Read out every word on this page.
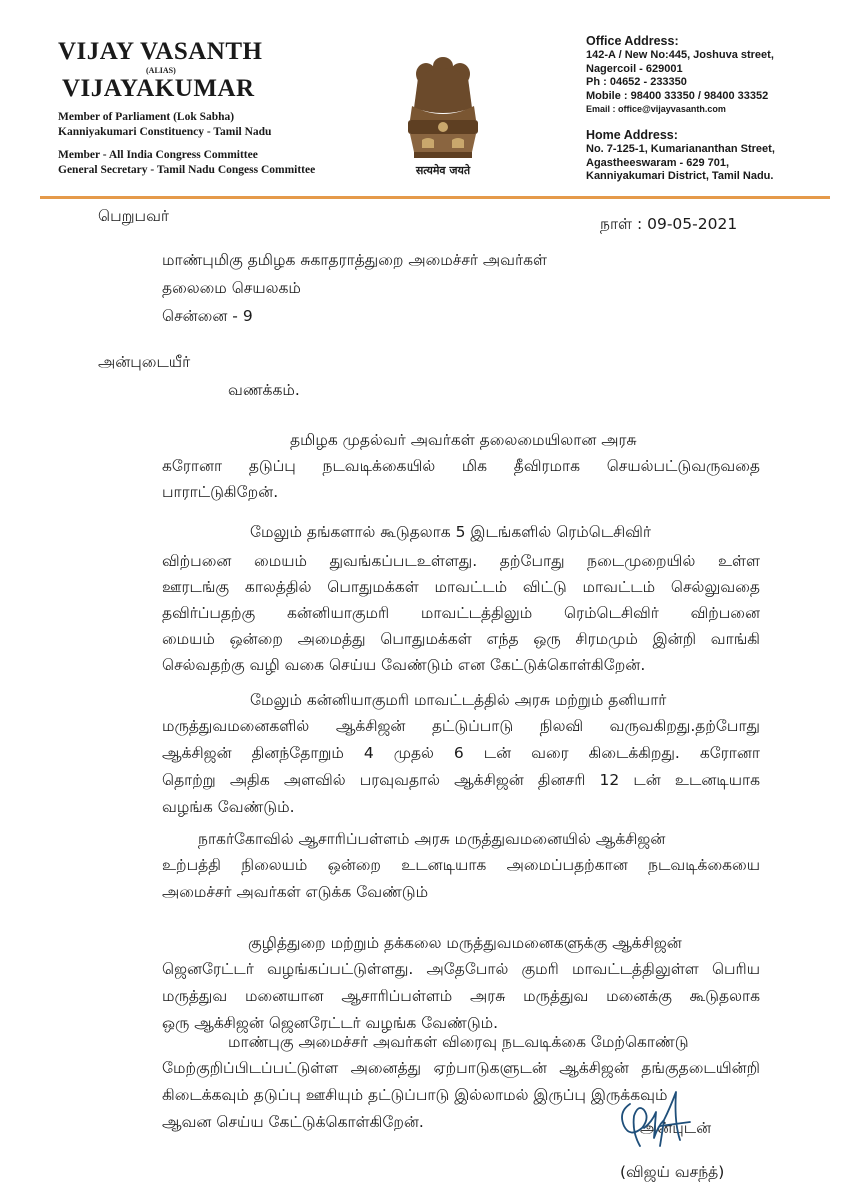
VIJAY VASANTH
(ALIAS)
VIJAYAKUMAR
Member of Parliament (Lok Sabha)
Kanniyakumari Constituency - Tamil Nadu
Member - All India Congress Committee
General Secretary - Tamil Nadu Congess Committee	सत्यमेव जयते
Office Address:
142-A / New No:445, Joshuva street,
Nagercoil - 629001
Ph : 04652 - 233350
Mobile : 98400 33350 / 98400 33352
Email : office@vijayvasanth.com
Home Address:
No. 7-125-1, Kumariananthan Street,
Agastheeswaram - 629 701,
Kanniyakumari District, Tamil Nadu.
பெறுபவர்	நாள் : 09-05-2021
மாண்புமிகு தமிழக சுகாதராத்துறை அமைச்சர் அவர்கள்
தலைமை செயலகம்
சென்னை - 9
அன்புடையீர்
வணக்கம்.
தமிழக முதல்வர் அவர்கள் தலைமையிலான அரசு
கரோனா தடுப்பு நடவடிக்கையில் மிக தீவிரமாக செயல்பட்டுவருவதை
பாராட்டுகிறேன்.
மேலும் தங்களால் கூடுதலாக 5 இடங்களில் ரெம்டெசிவிர்
விற்பனை மையம் துவங்கப்படஉள்ளது. தற்போது நடைமுறையில் உள்ள
ஊரடங்கு காலத்தில் பொதுமக்கள் மாவட்டம் விட்டு மாவட்டம் செல்லுவதை
தவிர்ப்பதற்கு கன்னியாகுமரி மாவட்டத்திலும் ரெம்டெசிவிர் விற்பனை
மையம் ஒன்றை அமைத்து பொதுமக்கள் எந்த ஒரு சிரமமும் இன்றி வாங்கி
செல்வதற்கு வழி வகை செய்ய வேண்டும் என கேட்டுக்கொள்கிறேன்.
மேலும் கன்னியாகுமரி மாவட்டத்தில் அரசு மற்றும் தனியார்
மருத்துவமனைகளில் ஆக்சிஜன் தட்டுப்பாடு நிலவி வருவகிறது.தற்போது
ஆக்சிஜன் தினந்தோறும் 4 முதல் 6 டன் வரை கிடைக்கிறது. கரோனா
தொற்று அதிக அளவில் பரவுவதால் ஆக்சிஜன் தினசரி 12 டன் உடனடியாக
வழங்க வேண்டும்.
நாகர்கோவில் ஆசாரிப்பள்ளம் அரசு மருத்துவமனையில் ஆக்சிஜன்
உற்பத்தி நிலையம் ஒன்றை உடனடியாக அமைப்பதற்கான நடவடிக்கையை
அமைச்சர் அவர்கள் எடுக்க வேண்டும்
குழித்துறை மற்றும் தக்கலை மருத்துவமனைகளுக்கு ஆக்சிஜன்
ஜெனரேட்டர் வழங்கப்பட்டுள்ளது. அதேபோல் குமரி மாவட்டத்திலுள்ள பெரிய
மருத்துவ மனையான ஆசாரிப்பள்ளம் அரசு மருத்துவ மனைக்கு கூடுதலாக
ஒரு ஆக்சிஜன் ஜெனரேட்டர் வழங்க வேண்டும்.
மாண்புகு அமைச்சர் அவர்கள் விரைவு நடவடிக்கை மேற்கொண்டு
மேற்குறிப்பிடப்பட்டுள்ள அனைத்து ஏற்பாடுகளுடன் ஆக்சிஜன் தங்குதடையின்றி
கிடைக்கவும் தடுப்பு ஊசியும் தட்டுப்பாடு இல்லாமல் இருப்பு இருக்கவும்
ஆவன செய்ய கேட்டுக்கொள்கிறேன்.	அன்புடன்
(விஜய் வசந்த்)
